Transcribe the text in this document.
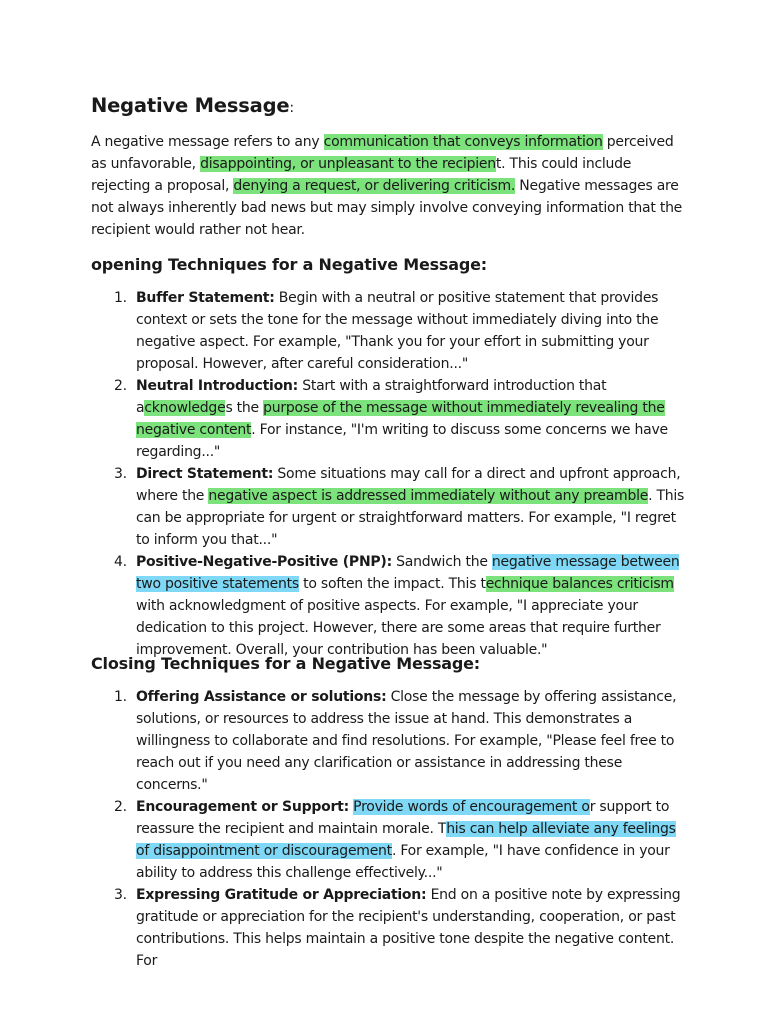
Negative Message:

A negative message refers to any communication that conveys information perceived as unfavorable, disappointing, or unpleasant to the recipient. This could include rejecting a proposal, denying a request, or delivering criticism. Negative messages are not always inherently bad news but may simply involve conveying information that the recipient would rather not hear.

opening Techniques for a Negative Message:
1. Buffer Statement: Begin with a neutral or positive statement that provides context or sets the tone for the message without immediately diving into the negative aspect. For example, "Thank you for your effort in submitting your proposal. However, after careful consideration..."
2. Neutral Introduction: Start with a straightforward introduction that acknowledges the purpose of the message without immediately revealing the negative content. For instance, "I'm writing to discuss some concerns we have regarding..."
3. Direct Statement: Some situations may call for a direct and upfront approach, where the negative aspect is addressed immediately without any preamble. This can be appropriate for urgent or straightforward matters. For example, "I regret to inform you that..."
4. Positive-Negative-Positive (PNP): Sandwich the negative message between two positive statements to soften the impact. This technique balances criticism with acknowledgment of positive aspects. For example, "I appreciate your dedication to this project. However, there are some areas that require further improvement. Overall, your contribution has been valuable."
Closing Techniques for a Negative Message:
1. Offering Assistance or solutions: Close the message by offering assistance, solutions, or resources to address the issue at hand. This demonstrates a willingness to collaborate and find resolutions. For example, "Please feel free to reach out if you need any clarification or assistance in addressing these concerns."
2. Encouragement or Support: Provide words of encouragement or support to reassure the recipient and maintain morale. This can help alleviate any feelings of disappointment or discouragement. For example, "I have confidence in your ability to address this challenge effectively..."
3. Expressing Gratitude or Appreciation: End on a positive note by expressing gratitude or appreciation for the recipient's understanding, cooperation, or past contributions. This helps maintain a positive tone despite the negative content. For
